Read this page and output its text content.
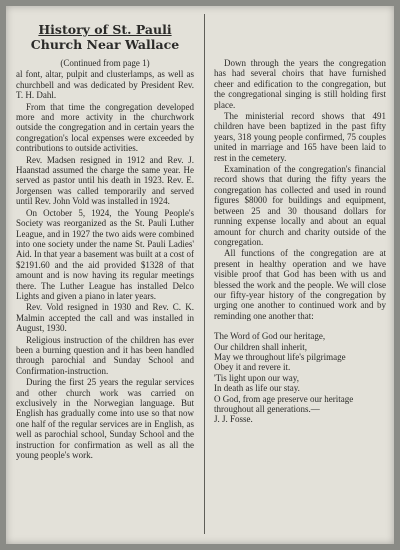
History of St. Pauli
Church Near Wallace
(Continued from page 1)

al font, altar, pulpit and clusterlamps, as well as churchbell and was dedicated by President Rev. T. H. Dahl.

From that time the congregation developed more and more activity in the churchwork outside the congregation and in certain years the congregation's local expenses were exceeded by contributions to outside activities.

Rev. Madsen resigned in 1912 and Rev. J. Haanstad assumed the charge the same year. He served as pastor until his death in 1923. Rev. E. Jorgensen was called temporarily and served until Rev. John Vold was installed in 1924.

On October 5, 1924, the Young People's Society was reorganized as the St. Pauli Luther League, and in 1927 the two aids were combined into one society under the name St. Pauli Ladies' Aid. In that year a basement was built at a cost of $2191.60 and the aid provided $1328 of that amount and is now having its regular meetings there. The Luther League has installed Delco Lights and given a piano in later years.

Rev. Vold resigned in 1930 and Rev. C. K. Malmin accepted the call and was installed in August, 1930.

Religious instruction of the children has ever been a burning question and it has been handled through parochial and Sunday School and Confirmation-instruction.

During the first 25 years the regular services and other church work was carried on exclusively in the Norwegian language. But English has gradually come into use so that now one half of the regular services are in English, as well as parochial school, Sunday School and the instruction for confirmation as well as all the young people's work.

Down through the years the congregation has had several choirs that have furnished cheer and edification to the congregation, but the congregational singing is still holding first place.

The ministerial record shows that 491 children have been baptized in the past fifty years, 318 young people confirmed, 75 couples united in marriage and 165 have been laid to rest in the cemetery.

Examination of the congregation's financial record shows that during the fifty years the congregation has collected and used in round figures $8000 for buildings and equipment, between 25 and 30 thousand dollars for running expense locally and about an equal amount for church and charity outside of the congregation.

All functions of the congregation are at present in healthy operation and we have visible proof that God has been with us and blessed the work and the people. We will close our fifty-year history of the congregation by urging one another to continued work and by reminding one another that:

The Word of God our heritage,
Our children shall inherit,
May we throughout life's pilgrimage
Obey it and revere it.
'Tis light upon our way,
In death as life our stay.
O God, from age preserve our heritage throughout all generations.—
J. J. Fosse.
